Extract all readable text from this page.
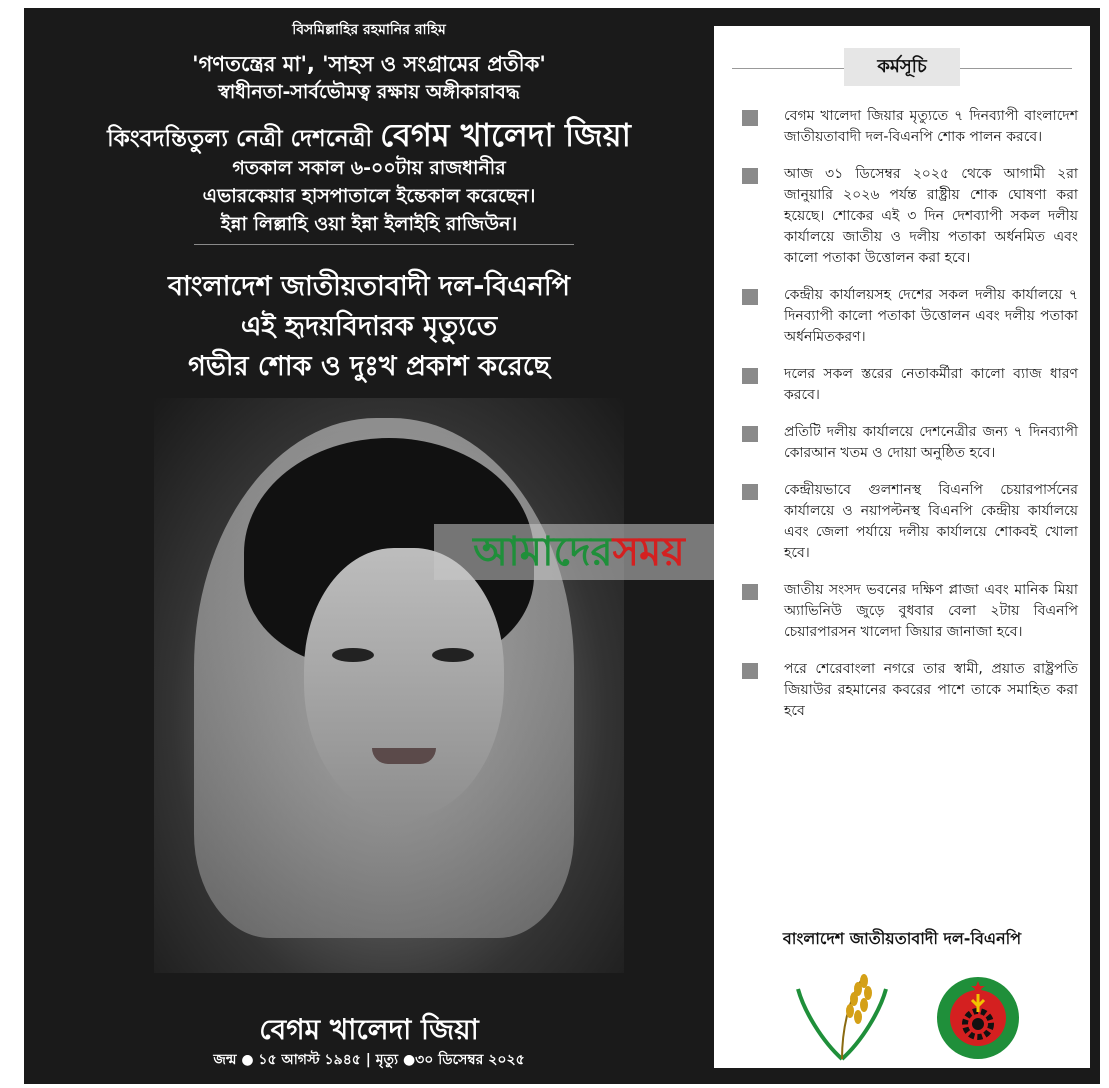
বিসমিল্লাহির রহমানির রাহিম
'গণতন্ত্রের মা', 'সাহস ও সংগ্রামের প্রতীক'
স্বাধীনতা-সার্বভৌমত্ব রক্ষায় অঙ্গীকারাবদ্ধ
কিংবদন্তিতুল্য নেত্রী দেশনেত্রী বেগম খালেদা জিয়া
গতকাল সকাল ৬-০০টায় রাজধানীর
এভারকেয়ার হাসপাতালে ইন্তেকাল করেছেন।
ইন্না লিল্লাহি ওয়া ইন্না ইলাইহি রাজিউন।
বাংলাদেশ জাতীয়তাবাদী দল-বিএনপি
এই হৃদয়বিদারক মৃত্যুতে
গভীর শোক ও দুঃখ প্রকাশ করেছে
বেগম খালেদা জিয়া
জন্ম ● ১৫ আগস্ট ১৯৪৫ | মৃত্যু ●৩০ ডিসেম্বর ২০২৫
আমাদেরসময়
কর্মসূচি
বেগম খালেদা জিয়ার মৃত্যুতে ৭ দিনব্যাপী বাংলাদেশ জাতীয়তাবাদী দল-বিএনপি শোক পালন করবে।
আজ ৩১ ডিসেম্বর ২০২৫ থেকে আগামী ২রা জানুয়ারি ২০২৬ পর্যন্ত রাষ্ট্রীয় শোক ঘোষণা করা হয়েছে। শোকের এই ৩ দিন দেশব্যাপী সকল দলীয় কার্যালয়ে জাতীয় ও দলীয় পতাকা অর্ধনমিত এবং কালো পতাকা উত্তোলন করা হবে।
কেন্দ্রীয় কার্যালয়সহ দেশের সকল দলীয় কার্যালয়ে ৭ দিনব্যাপী কালো পতাকা উত্তোলন এবং দলীয় পতাকা অর্ধনমিতকরণ।
দলের সকল স্তরের নেতাকর্মীরা কালো ব্যাজ ধারণ করবে।
প্রতিটি দলীয় কার্যালয়ে দেশনেত্রীর জন্য ৭ দিনব্যাপী কোরআন খতম ও দোয়া অনুষ্ঠিত হবে।
কেন্দ্রীয়ভাবে গুলশানস্থ বিএনপি চেয়ারপার্সনের কার্যালয়ে ও নয়াপল্টনস্থ বিএনপি কেন্দ্রীয় কার্যালয়ে এবং জেলা পর্যায়ে দলীয় কার্যালয়ে শোকবই খোলা হবে।
জাতীয় সংসদ ভবনের দক্ষিণ প্লাজা এবং মানিক মিয়া অ্যাভিনিউ জুড়ে বুধবার বেলা ২টায় বিএনপি চেয়ারপারসন খালেদা জিয়ার জানাজা হবে।
পরে শেরেবাংলা নগরে তার স্বামী, প্রয়াত রাষ্ট্রপতি জিয়াউর রহমানের কবরের পাশে তাকে সমাহিত করা হবে
বাংলাদেশ জাতীয়তাবাদী দল-বিএনপি
